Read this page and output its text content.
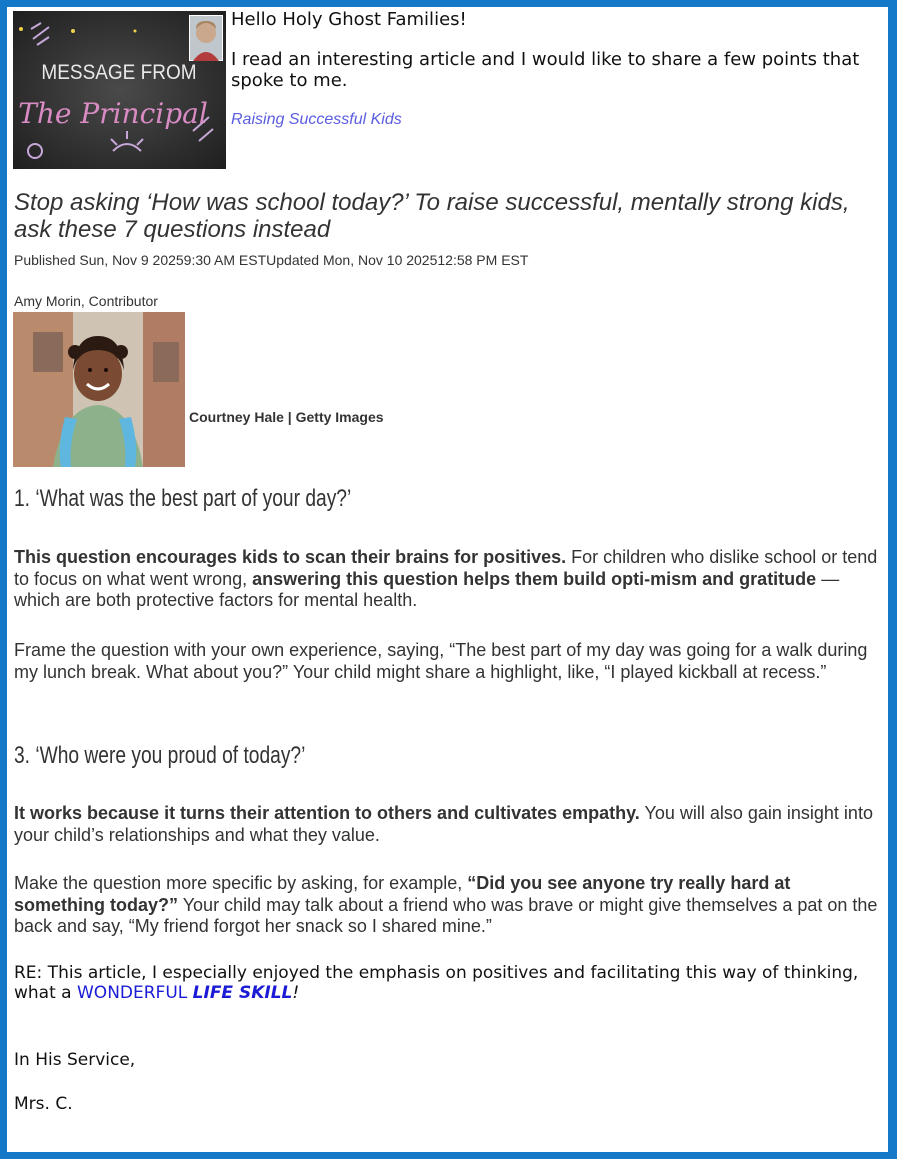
MESSAGE FROM
The Principal

Hello Holy Ghost Families!

I read an interesting article and I would like to share a few points that spoke to me.

Raising Successful Kids
Stop asking ‘How was school today?’ To raise successful, mentally strong kids, ask these 7 questions instead
Published Sun, Nov 9 20259:30 AM ESTUpdated Mon, Nov 10 202512:58 PM EST
Amy Morin, Contributor
Courtney Hale | Getty Images
1. ‘What was the best part of your day?’

This question encourages kids to scan their brains for positives. For children who dislike school or tend to focus on what went wrong, answering this question helps them build opti-mism and gratitude — which are both protective factors for mental health.

Frame the question with your own experience, saying, “The best part of my day was going for a walk during my lunch break. What about you?” Your child might share a highlight, like, “I played kickball at recess.”

3. ‘Who were you proud of today?’

It works because it turns their attention to others and cultivates empathy. You will also gain insight into your child’s relationships and what they value.

Make the question more specific by asking, for example, “Did you see anyone try really hard at something today?” Your child may talk about a friend who was brave or might give themselves a pat on the back and say, “My friend forgot her snack so I shared mine.”

RE: This article, I especially enjoyed the emphasis on positives and facilitating this way of thinking, what a WONDERFUL LIFE SKILL!

In His Service,

Mrs. C.
